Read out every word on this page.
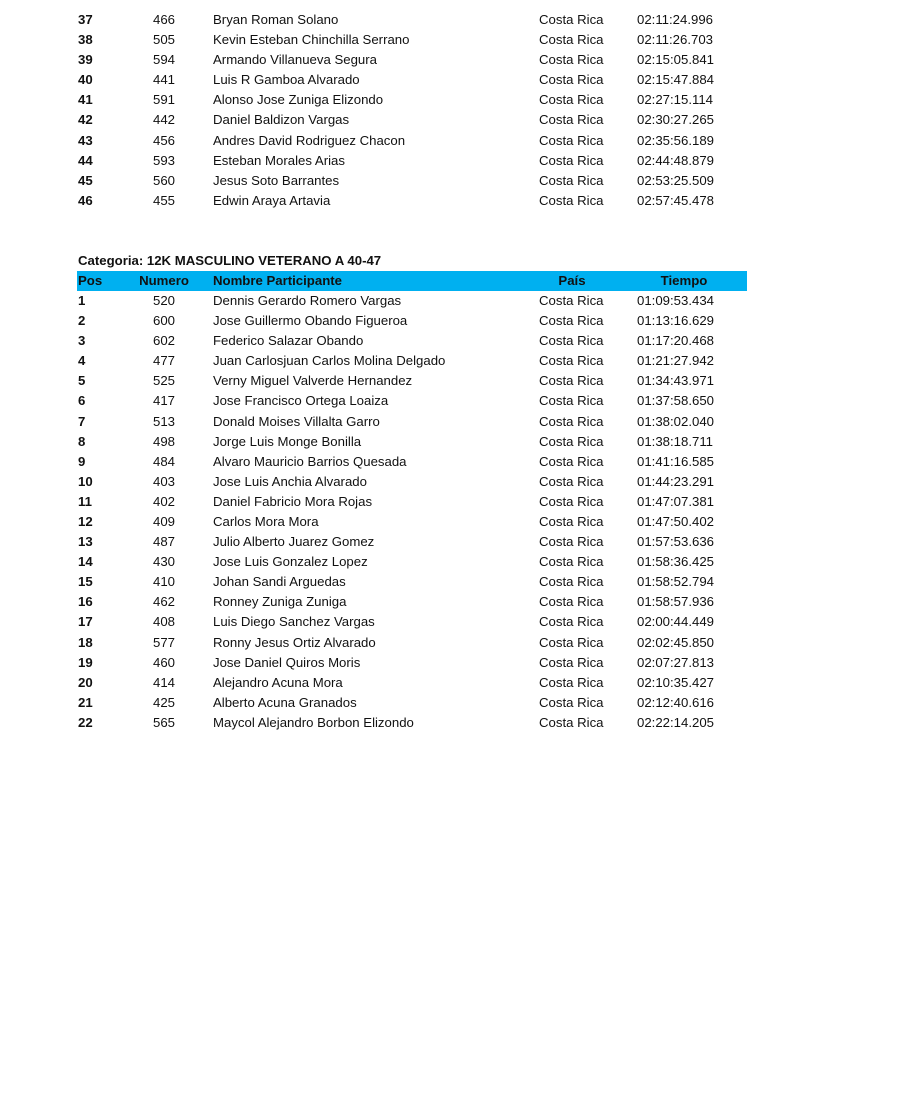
37	466	Bryan Roman Solano	Costa Rica	02:11:24.996
38	505	Kevin Esteban Chinchilla Serrano	Costa Rica	02:11:26.703
39	594	Armando Villanueva Segura	Costa Rica	02:15:05.841
40	441	Luis R Gamboa Alvarado	Costa Rica	02:15:47.884
41	591	Alonso Jose Zuniga Elizondo	Costa Rica	02:27:15.114
42	442	Daniel Baldizon Vargas	Costa Rica	02:30:27.265
43	456	Andres David Rodriguez Chacon	Costa Rica	02:35:56.189
44	593	Esteban Morales Arias	Costa Rica	02:44:48.879
45	560	Jesus Soto Barrantes	Costa Rica	02:53:25.509
46	455	Edwin Araya Artavia	Costa Rica	02:57:45.478
Categoria: 12K MASCULINO VETERANO A 40-47
Pos	Numero	Nombre Participante	País	Tiempo
1	520	Dennis Gerardo Romero Vargas	Costa Rica	01:09:53.434
2	600	Jose Guillermo Obando Figueroa	Costa Rica	01:13:16.629
3	602	Federico Salazar Obando	Costa Rica	01:17:20.468
4	477	Juan Carlosjuan Carlos Molina Delgado	Costa Rica	01:21:27.942
5	525	Verny Miguel Valverde Hernandez	Costa Rica	01:34:43.971
6	417	Jose Francisco Ortega Loaiza	Costa Rica	01:37:58.650
7	513	Donald Moises Villalta Garro	Costa Rica	01:38:02.040
8	498	Jorge Luis Monge Bonilla	Costa Rica	01:38:18.711
9	484	Alvaro Mauricio Barrios Quesada	Costa Rica	01:41:16.585
10	403	Jose Luis Anchia Alvarado	Costa Rica	01:44:23.291
11	402	Daniel Fabricio Mora Rojas	Costa Rica	01:47:07.381
12	409	Carlos Mora Mora	Costa Rica	01:47:50.402
13	487	Julio Alberto Juarez Gomez	Costa Rica	01:57:53.636
14	430	Jose Luis Gonzalez Lopez	Costa Rica	01:58:36.425
15	410	Johan Sandi Arguedas	Costa Rica	01:58:52.794
16	462	Ronney Zuniga Zuniga	Costa Rica	01:58:57.936
17	408	Luis Diego Sanchez Vargas	Costa Rica	02:00:44.449
18	577	Ronny Jesus Ortiz Alvarado	Costa Rica	02:02:45.850
19	460	Jose Daniel Quiros Moris	Costa Rica	02:07:27.813
20	414	Alejandro Acuna Mora	Costa Rica	02:10:35.427
21	425	Alberto Acuna Granados	Costa Rica	02:12:40.616
22	565	Maycol Alejandro Borbon Elizondo	Costa Rica	02:22:14.205
